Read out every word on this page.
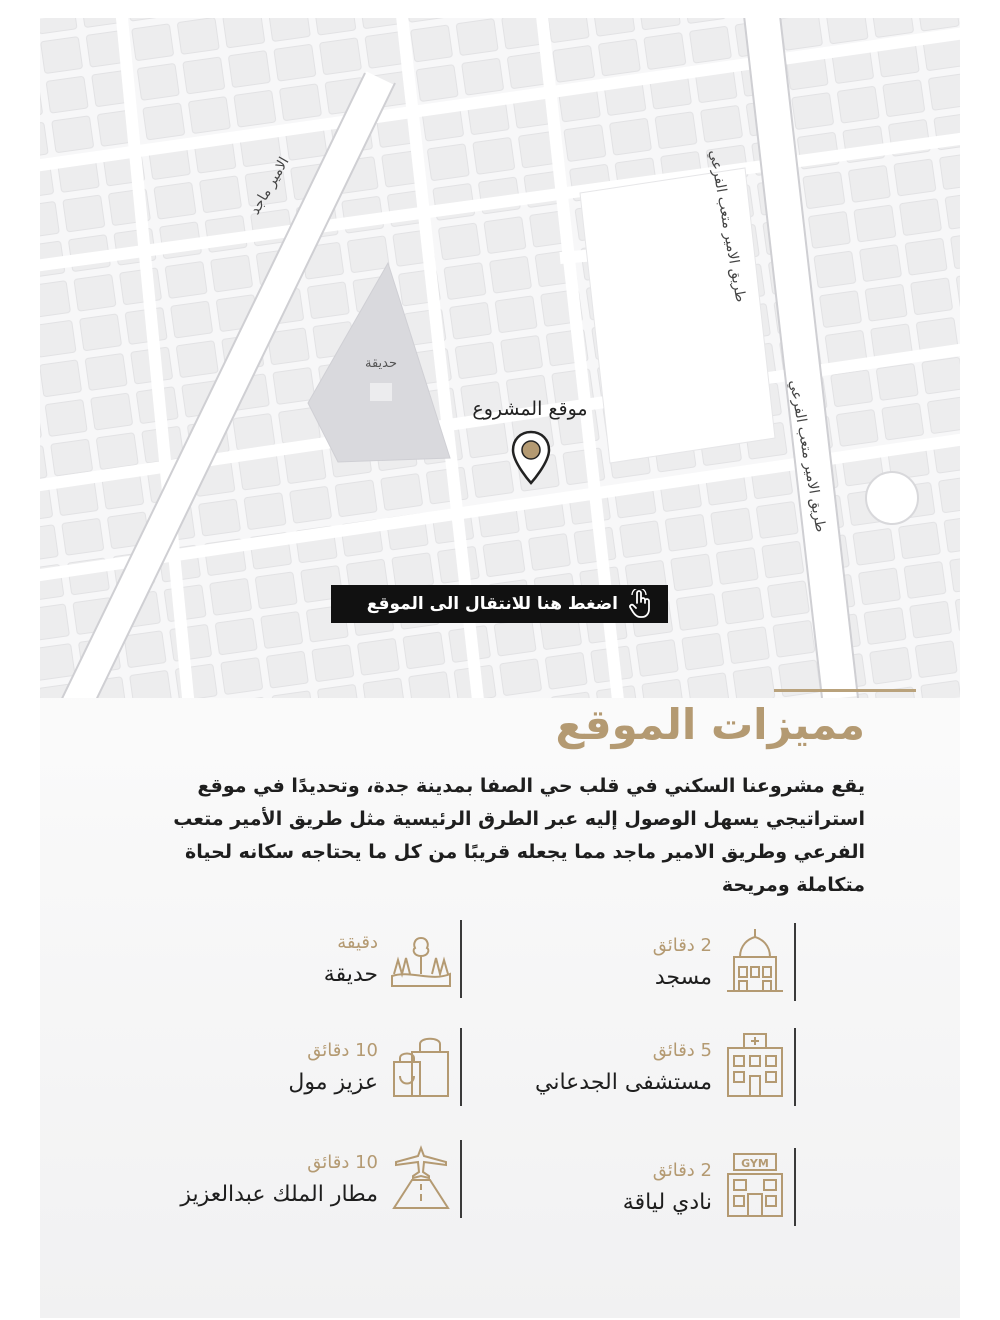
حديقة
الامير ماجد	طريق الامير متعب الفرعي
طريق الامير متعب الفرعي
موقع المشروع
اضغط هنا للانتقال الى الموقع
مميزات الموقع

يقع مشروعنا السكني في قلب حي الصفا بمدينة جدة، وتحديدًا في موقع استراتيجي يسهل الوصول إليه عبر الطرق الرئيسية مثل طريق الأمير متعب الفرعي وطريق الامير ماجد مما يجعله قريبًا من كل ما يحتاجه سكانه لحياة متكاملة ومريحة

2 دقائق
مسجد
دقيقة
حديقة
5 دقائق
مستشفى الجدعاني
10 دقائق
عزيز مول
GYM
2 دقائق
نادي لياقة
10 دقائق
مطار الملك عبدالعزيز
